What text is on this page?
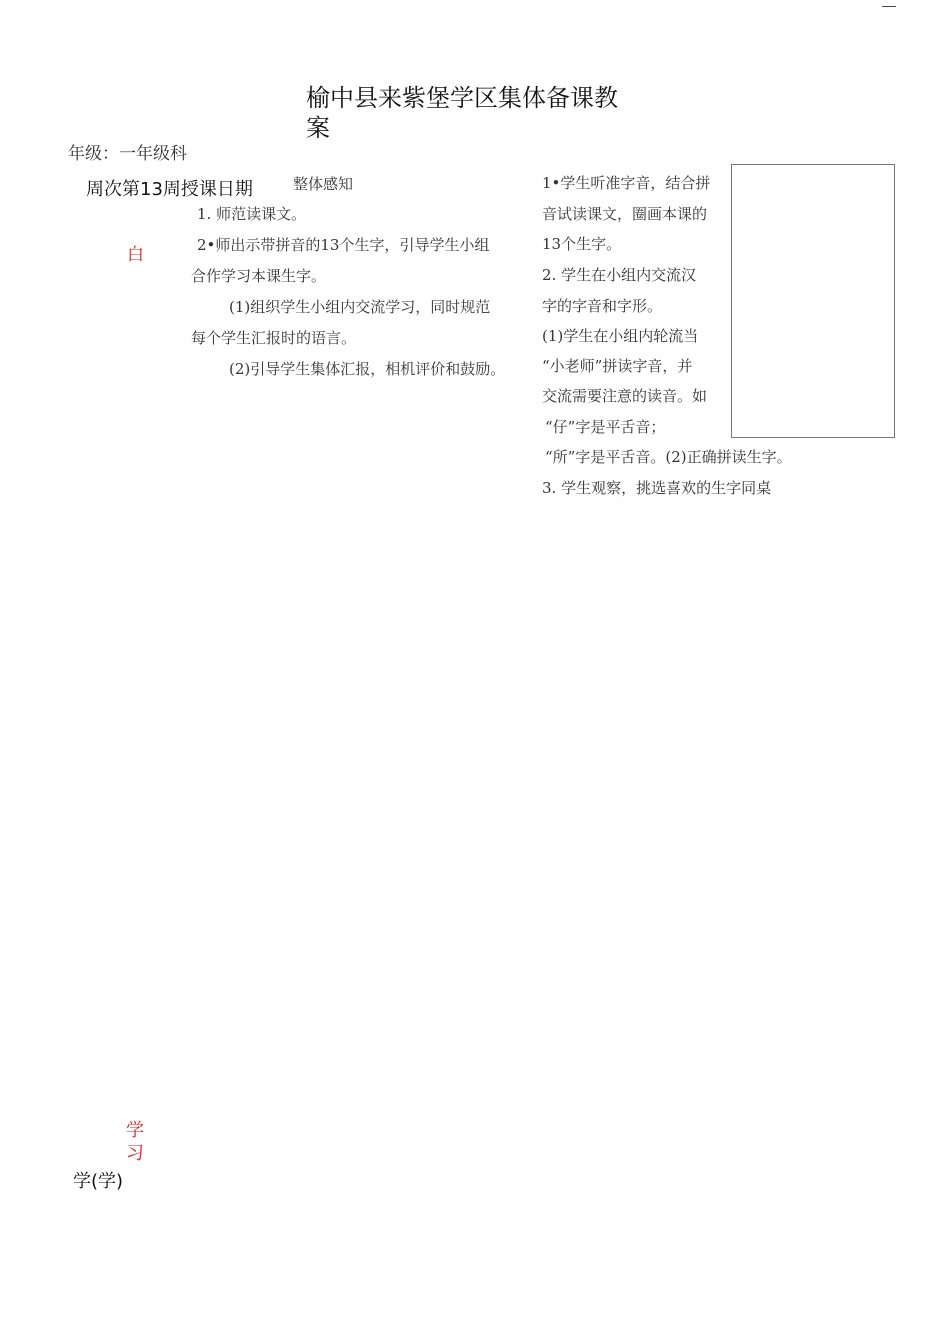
榆中县来紫堡学区集体备课教
案
年级：一年级科
周次第13周授课日期	整体感知
白
1. 师范读课文。
2•师出示带拼音的13个生字，引导学生小组
合作学习本课生字。
(1)组织学生小组内交流学习，同时规范
每个学生汇报时的语言。
(2)引导学生集体汇报，相机评价和鼓励。
1•学生听准字音，结合拼
音试读课文，圈画本课的
13个生字。
2. 学生在小组内交流汉
字的字音和字形。
(1)学生在小组内轮流当
“小老师”拼读字音，并
交流需要注意的读音。如
“仔”字是平舌音；
“所”字是平舌音。(2)正确拼读生字。
3. 学生观察，挑选喜欢的生字同桌
学
习
学(学)
